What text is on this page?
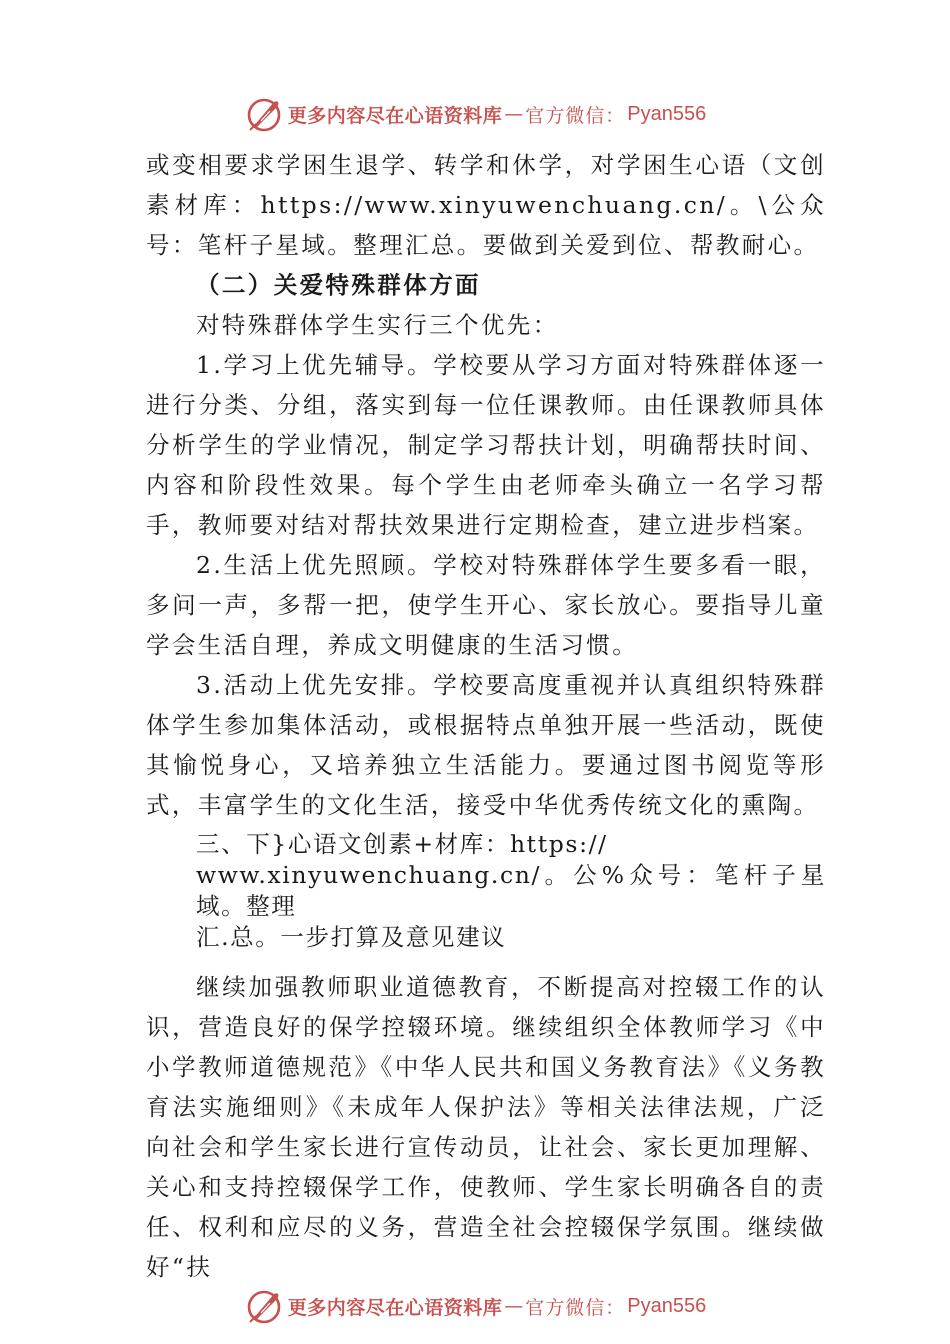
更多内容尽在心语资料库 — 官方微信： Pyan556

或变相要求学困生退学、转学和休学，对学困生心语（文创素材库：https://www.xinyuwenchuang.cn/。\公众号：笔杆子星域。整理汇总。要做到关爱到位、帮教耐心。

（二）关爱特殊群体方面

对特殊群体学生实行三个优先：

1.学习上优先辅导。学校要从学习方面对特殊群体逐一进行分类、分组，落实到每一位任课教师。由任课教师具体分析学生的学业情况，制定学习帮扶计划，明确帮扶时间、内容和阶段性效果。每个学生由老师牵头确立一名学习帮手，教师要对结对帮扶效果进行定期检查，建立进步档案。

2.生活上优先照顾。学校对特殊群体学生要多看一眼，多问一声，多帮一把，使学生开心、家长放心。要指导儿童学会生活自理，养成文明健康的生活习惯。

3.活动上优先安排。学校要高度重视并认真组织特殊群体学生参加集体活动，或根据特点单独开展一些活动，既使其愉悦身心，又培养独立生活能力。要通过图书阅览等形式，丰富学生的文化生活，接受中华优秀传统文化的熏陶。

三、下}心语文创素+材库：https://

www.xinyuwenchuang.cn/。公%众号：笔杆子星域。整理

汇.总。一步打算及意见建议

继续加强教师职业道德教育，不断提高对控辍工作的认识，营造良好的保学控辍环境。继续组织全体教师学习《中小学教师道德规范》《中华人民共和国义务教育法》《义务教育法实施细则》《未成年人保护法》等相关法律法规，广泛向社会和学生家长进行宣传动员，让社会、家长更加理解、关心和支持控辍保学工作，使教师、学生家长明确各自的责任、权利和应尽的义务，营造全社会控辍保学氛围。继续做好“扶

更多内容尽在心语资料库 — 官方微信： Pyan556
